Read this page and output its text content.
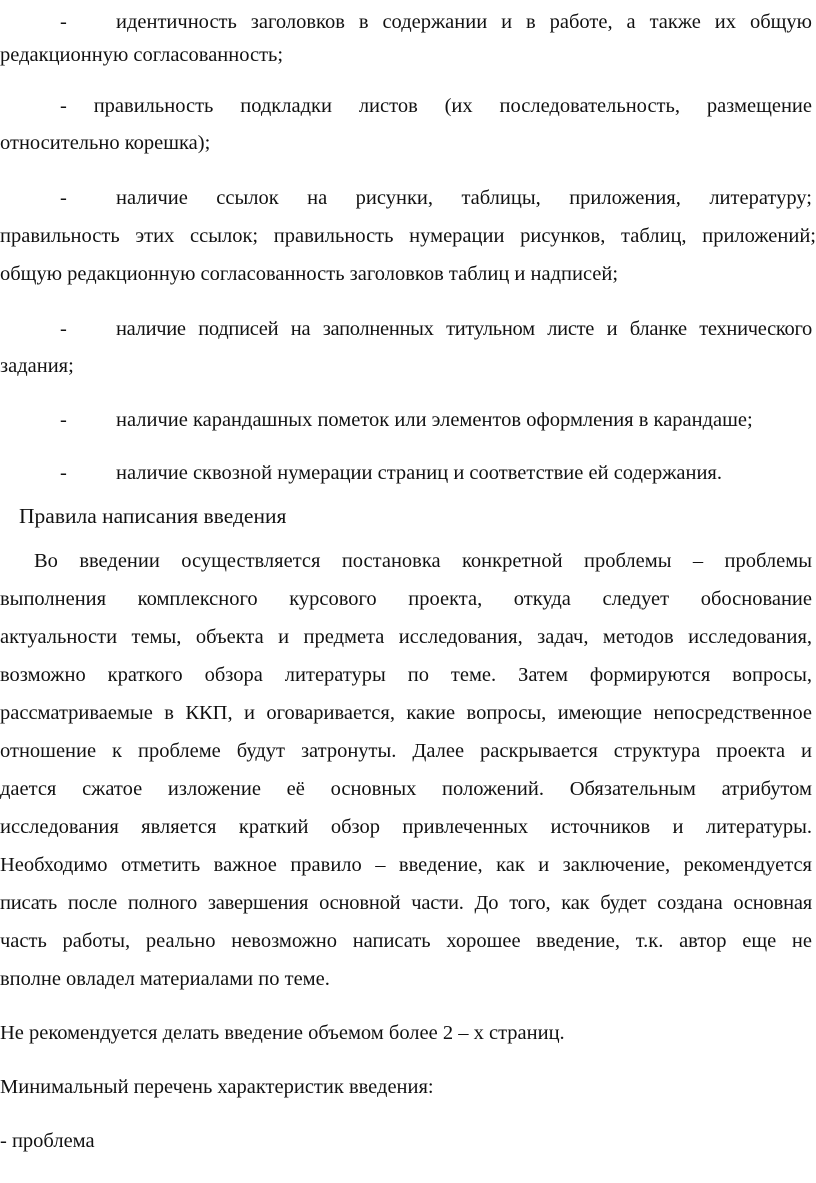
- идентичность заголовков в содержании и в работе, а также их общую
редакционную согласованность;
- правильность подкладки листов (их последовательность, размещение
относительно корешка);
- наличие ссылок на рисунки, таблицы, приложения, литературу;
правильность этих ссылок; правильность нумерации рисунков, таблиц, приложений;
общую редакционную согласованность заголовков таблиц и надписей;
- наличие подписей на заполненных титульном листе и бланке технического
задания;
- наличие карандашных пометок или элементов оформления в карандаше;
- наличие сквозной нумерации страниц и соответствие ей содержания.
Правила написания введения
Во введении осуществляется постановка конкретной проблемы – проблемы
выполнения комплексного курсового проекта, откуда следует обоснование
актуальности темы, объекта и предмета исследования, задач, методов исследования,
возможно краткого обзора литературы по теме. Затем формируются вопросы,
рассматриваемые в ККП, и оговаривается, какие вопросы, имеющие непосредственное
отношение к проблеме будут затронуты. Далее раскрывается структура проекта и
дается сжатое изложение её основных положений. Обязательным атрибутом
исследования является краткий обзор привлеченных источников и литературы.
Необходимо отметить важное правило – введение, как и заключение, рекомендуется
писать после полного завершения основной части. До того, как будет создана основная
часть работы, реально невозможно написать хорошее введение, т.к. автор еще не
вполне овладел материалами по теме.
Не рекомендуется делать введение объемом более 2 – х страниц.
Минимальный перечень характеристик введения:
- проблема
